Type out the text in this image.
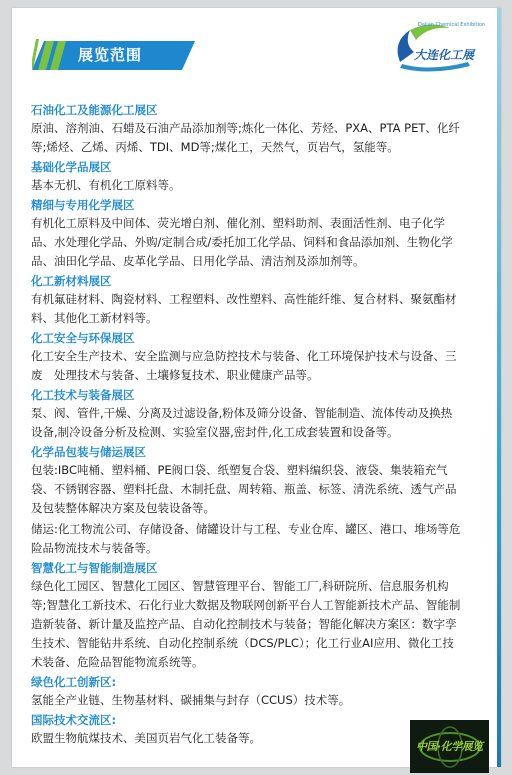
展览范围
Dalian Chemical Exhibition
大连化工展
石油化工及能源化工展区
原油、溶剂油、石蜡及石油产品添加剂等;炼化一体化、芳烃、PXA、PTA PET、化纤
等;烯烃、乙烯、丙烯、TDI、MD等;煤化工，天然气，页岩气，氢能等。
基础化学品展区
基本无机、有机化工原料等。
精细与专用化学展区
有机化工原料及中间体、荧光增白剂、催化剂、塑料助剂、表面活性剂、电子化学
品、水处理化学品、外购/定制合成/委托加工化学品、饲料和食品添加剂、生物化学
品、油田化学品、皮革化学品、日用化学品、清洁剂及添加剂等。
化工新材料展区
有机氟硅材料、陶瓷材料、工程塑料、改性塑料、高性能纤维、复合材料、聚氨酯材
料、其他化工新材料等。
化工安全与环保展区
化工安全生产技术、安全监测与应急防控技术与装备、化工环境保护技术与设备、三
废　处理技术与装备、土壤修复技术、职业健康产品等。
化工技术与装备展区
泵、阀、管件,干燥、分离及过滤设备,粉体及筛分设备、智能制造、流体传动及换热
设备,制冷设备分析及检测、实验室仪器,密封件,化工成套装置和设备等。
化学品包装与储运展区
包装:IBC吨桶、塑料桶、PE阀口袋、纸塑复合袋、塑料编织袋、液袋、集装箱充气
袋、不锈钢容器、塑料托盘、木制托盘、周转箱、瓶盖、标签、清洗系统、透气产品
及包装整体解决方案及包装设备等。
储运:化工物流公司、存储设备、储罐设计与工程、专业仓库、罐区、港口、堆场等危
险品物流技术与装备等。
智慧化工与智能制造展区
绿色化工园区、智慧化工园区、智慧管理平台、智能工厂,科研院所、信息服务机构
等;智慧化工新技术、石化行业大数据及物联网创新平台人工智能新技术产品、智能制
造新装备、新计量及监控产品、自动化控制技术与装备；智能化解决方案区：数字孪
生技术、智能钻井系统、自动化控制系统（DCS/PLC）；化工行业AI应用、微化工技
术装备、危险品智能物流系统等。
绿色化工创新区:
氢能全产业链、生物基材料、碳捕集与封存（CCUS）技术等。
国际技术交流区:
欧盟生物航煤技术、美国页岩气化工装备等。
中国·化学展览
